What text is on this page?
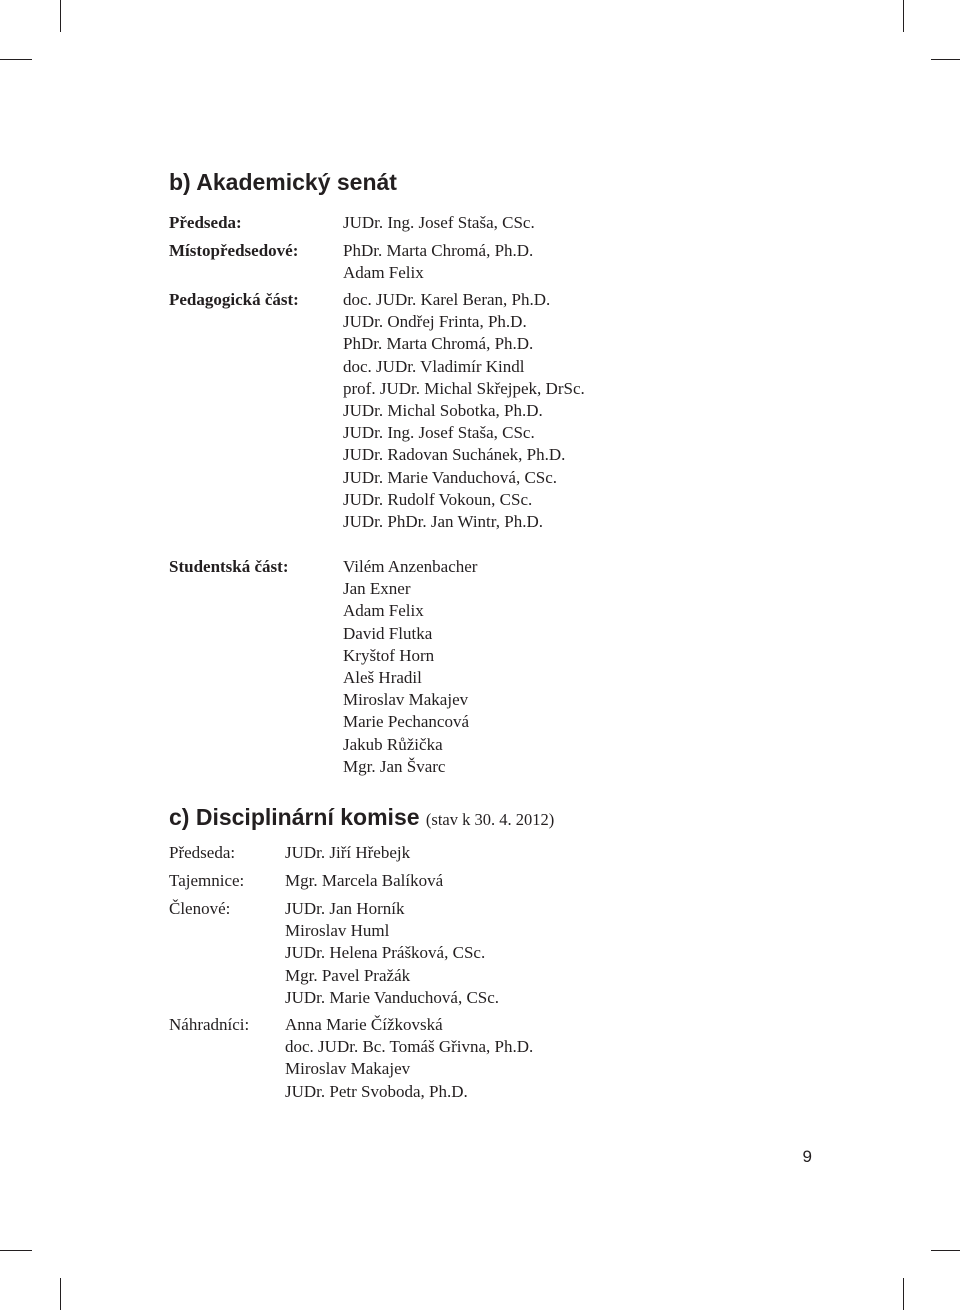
b) Akademický senát
c) Disciplinární komise (stav k 30. 4. 2012)
Předseda:	JUDr. Ing. Josef Staša, CSc.
Místopředsedové:	PhDr. Marta Chromá, Ph.D.
Adam Felix
Pedagogická část:	doc. JUDr. Karel Beran, Ph.D.
JUDr. Ondřej Frinta, Ph.D.
PhDr. Marta Chromá, Ph.D.
doc. JUDr. Vladimír Kindl
prof. JUDr. Michal Skřejpek, DrSc.
JUDr. Michal Sobotka, Ph.D.
JUDr. Ing. Josef Staša, CSc.
JUDr. Radovan Suchánek, Ph.D.
JUDr. Marie Vanduchová, CSc.
JUDr. Rudolf Vokoun, CSc.
JUDr. PhDr. Jan Wintr, Ph.D.
Studentská část:	Vilém Anzenbacher
Jan Exner
Adam Felix
David Flutka
Kryštof Horn
Aleš Hradil
Miroslav Makajev
Marie Pechancová
Jakub Růžička
Mgr. Jan Švarc
Předseda:	JUDr. Jiří Hřebejk
Tajemnice: Mgr. Marcela Balíková
Členové:	JUDr. Jan Horník
Miroslav Huml
JUDr. Helena Prášková, CSc.
Mgr. Pavel Pražák
JUDr. Marie Vanduchová, CSc.
Náhradníci: Anna Marie Čížkovská
doc. JUDr. Bc. Tomáš Gřivna, Ph.D.
Miroslav Makajev
JUDr. Petr Svoboda, Ph.D.
9
